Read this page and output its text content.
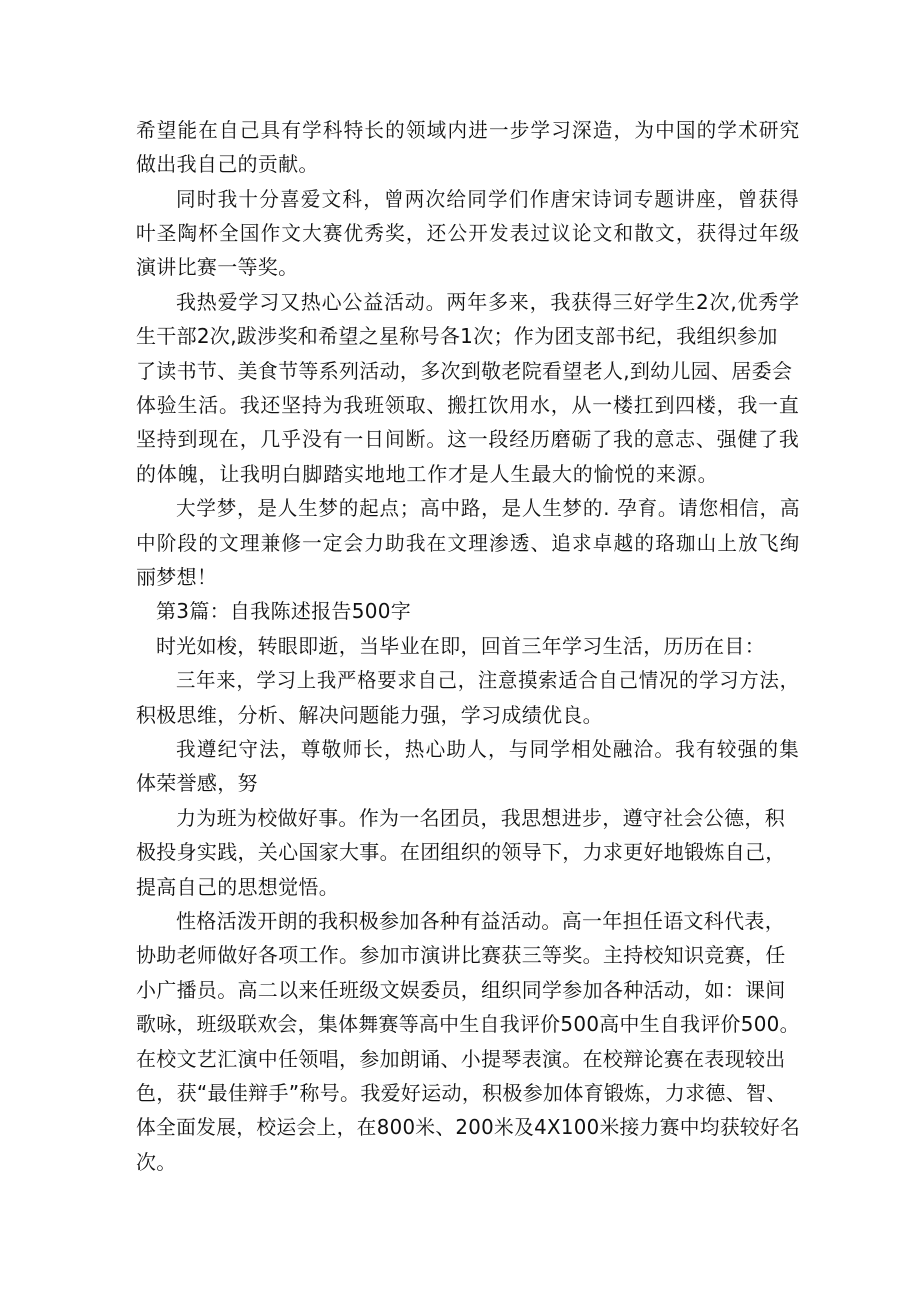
希望能在自己具有学科特长的领域内进一步学习深造，为中国的学术研究
做出我自己的贡献。
同时我十分喜爱文科，曾两次给同学们作唐宋诗词专题讲座，曾获得
叶圣陶杯全国作文大赛优秀奖，还公开发表过议论文和散文，获得过年级
演讲比赛一等奖。
我热爱学习又热心公益活动。两年多来，我获得三好学生2次,优秀学
生干部2次,跋涉奖和希望之星称号各1次；作为团支部书纪，我组织参加
了读书节、美食节等系列活动，多次到敬老院看望老人,到幼儿园、居委会
体验生活。我还坚持为我班领取、搬扛饮用水，从一楼扛到四楼，我一直
坚持到现在，几乎没有一日间断。这一段经历磨砺了我的意志、强健了我
的体魄，让我明白脚踏实地地工作才是人生最大的愉悦的来源。
大学梦，是人生梦的起点；高中路，是人生梦的. 孕育。请您相信，高
中阶段的文理兼修一定会力助我在文理渗透、追求卓越的珞珈山上放飞绚
丽梦想！
第3篇：自我陈述报告500字
时光如梭，转眼即逝，当毕业在即，回首三年学习生活，历历在目：
三年来，学习上我严格要求自己，注意摸索适合自己情况的学习方法，
积极思维，分析、解决问题能力强，学习成绩优良。
我遵纪守法，尊敬师长，热心助人，与同学相处融洽。我有较强的集
体荣誉感，努
力为班为校做好事。作为一名团员，我思想进步，遵守社会公德，积
极投身实践，关心国家大事。在团组织的领导下，力求更好地锻炼自己，
提高自己的思想觉悟。
性格活泼开朗的我积极参加各种有益活动。高一年担任语文科代表，
协助老师做好各项工作。参加市演讲比赛获三等奖。主持校知识竞赛，任
小广播员。高二以来任班级文娱委员，组织同学参加各种活动，如：课间
歌咏，班级联欢会，集体舞赛等高中生自我评价500高中生自我评价500。
在校文艺汇演中任领唱，参加朗诵、小提琴表演。在校辩论赛在表现较出
色，获“最佳辩手”称号。我爱好运动，积极参加体育锻炼，力求德、智、
体全面发展，校运会上，在800米、200米及4X100米接力赛中均获较好名
次。
